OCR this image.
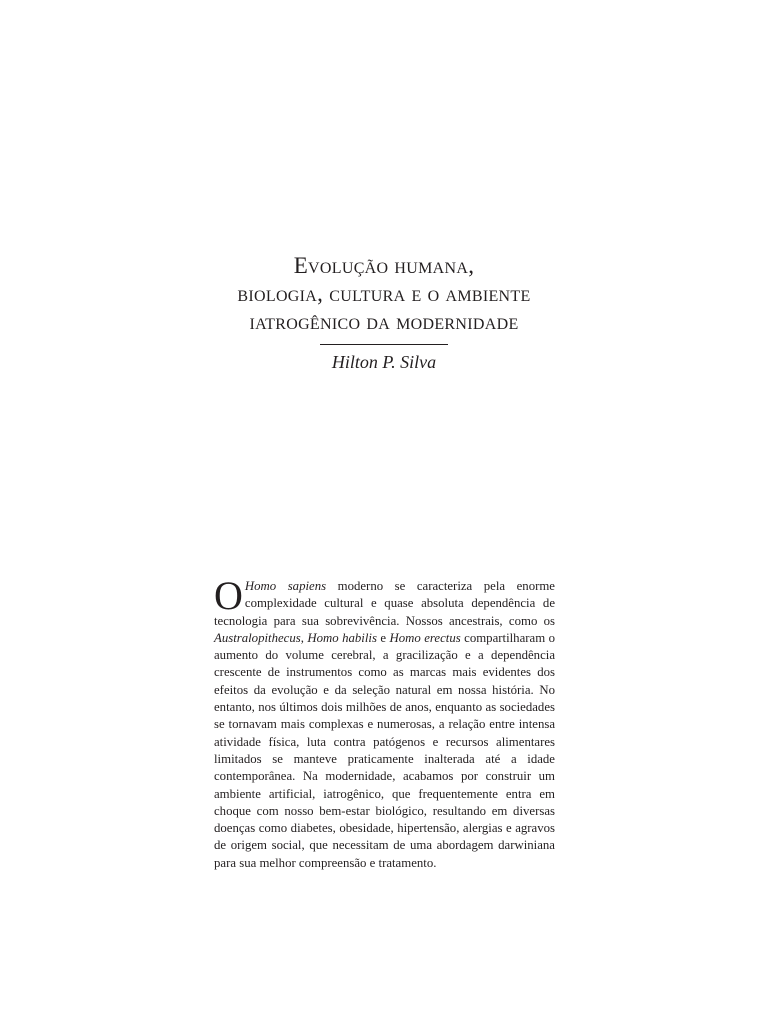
Evolução humana,
biologia, cultura e o ambiente
iatrogênico da modernidade
Hilton P. Silva
O Homo sapiens moderno se caracteriza pela enorme complexidade cultural e quase absoluta dependência de tecnologia para sua sobrevivência. Nossos ancestrais, como os Australopithecus, Homo habilis e Homo erectus compartilharam o aumento do volume cerebral, a gracilização e a dependência crescente de instrumentos como as marcas mais evidentes dos efeitos da evolução e da seleção natural em nossa história. No entanto, nos últimos dois milhões de anos, enquanto as sociedades se tornavam mais complexas e numerosas, a relação entre intensa atividade física, luta contra patógenos e recursos alimentares limitados se manteve praticamente inalterada até a idade contemporânea. Na modernidade, acabamos por construir um ambiente artificial, iatrogênico, que frequentemente entra em choque com nosso bem-estar biológico, resultando em diversas doenças como diabetes, obesidade, hipertensão, alergias e agravos de origem social, que necessitam de uma abordagem darwiniana para sua melhor compreensão e tratamento.
